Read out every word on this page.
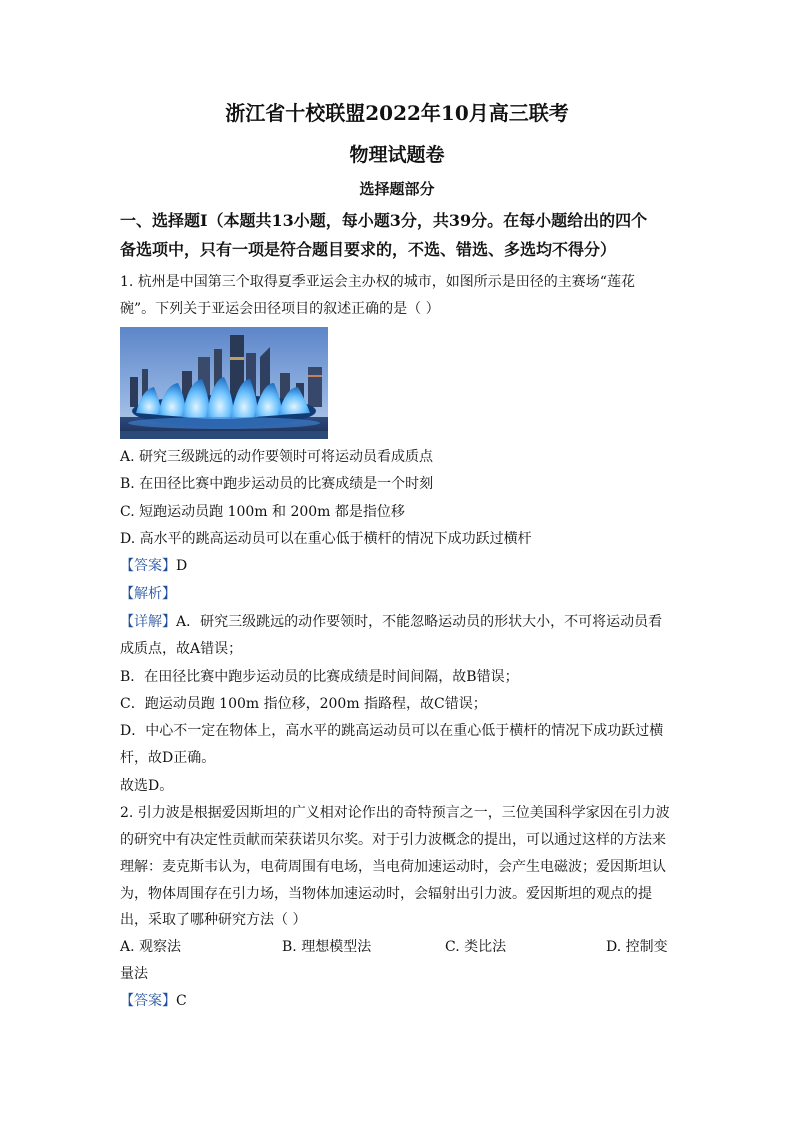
浙江省十校联盟2022年10月高三联考
物理试题卷
选择题部分
一、选择题Ⅰ（本题共13小题，每小题3分，共39分。在每小题给出的四个
备选项中，只有一项是符合题目要求的，不选、错选、多选均不得分）
1. 杭州是中国第三个取得夏季亚运会主办权的城市，如图所示是田径的主赛场“莲花
碗”。下列关于亚运会田径项目的叙述正确的是（ ）
A. 研究三级跳远的动作要领时可将运动员看成质点
B. 在田径比赛中跑步运动员的比赛成绩是一个时刻
C. 短跑运动员跑 100m 和 200m 都是指位移
D. 高水平的跳高运动员可以在重心低于横杆的情况下成功跃过横杆
【答案】D
【解析】
【详解】A．研究三级跳远的动作要领时，不能忽略运动员的形状大小，不可将运动员看
成质点，故A错误；
B．在田径比赛中跑步运动员的比赛成绩是时间间隔，故B错误；
C．跑运动员跑 100m 指位移，200m 指路程，故C错误；
D．中心不一定在物体上，高水平的跳高运动员可以在重心低于横杆的情况下成功跃过横
杆，故D正确。
故选D。
2. 引力波是根据爱因斯坦的广义相对论作出的奇特预言之一，三位美国科学家因在引力波
的研究中有决定性贡献而荣获诺贝尔奖。对于引力波概念的提出，可以通过这样的方法来
理解：麦克斯韦认为，电荷周围有电场，当电荷加速运动时，会产生电磁波；爱因斯坦认
为，物体周围存在引力场，当物体加速运动时，会辐射出引力波。爱因斯坦的观点的提
出，采取了哪种研究方法（ ）
A. 观察法	B. 理想模型法	C. 类比法	D. 控制变
量法
【答案】C
